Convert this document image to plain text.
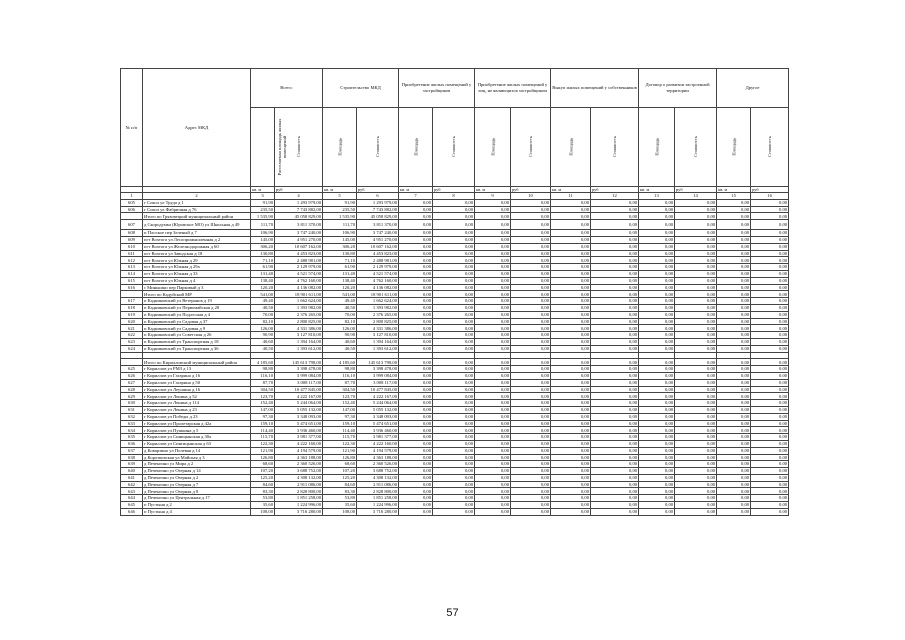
№ п/п	Адрес МКД	Всего:		Строительство МКД		Приобретение жилых помещений у застройщиков		Приобретение жилых помещений у лиц, не являющихся застройщиком		Выкуп жилых помещений у собственников		Договор о развитии застроенной территории		Другое	
		Расселяемая площадь жилых помещений	Стоимость	Площадь	Стоимость	Площадь	Стоимость	Площадь	Стоимость	Площадь	Стоимость	Площадь	Стоимость	Площадь	Стоимость
		кв. м	руб	кв. м	руб	кв. м	руб	кв. м	руб	кв. м	руб	кв. м	руб	кв. м	руб
1	2	3	4	5	6	7	8	9	10	11	12	13	14	15	16
605	г Сокол ул Труда д 1	91,90	1 293 979,00	91,90	1 293 979,00	0,00	0,00	0,00	0,00	0,00	0,00	0,00	0,00	0,00	0,00
606	г Сокол ул Фабричная д 76	235,50	7 743 882,00	235,50	7 743 882,00	0,00	0,00	0,00	0,00	0,00	0,00	0,00	0,00	0,00	0,00
	Итого по Грязовецкий муниципальный район	1 535,90	45 058 829,00	1 535,90	45 058 829,00	0,00	0,00	0,00	0,00	0,00	0,00	0,00	0,00	0,00	0,00
607	д Скородумка (Юровское МО) ул Школьная д 49	111,70	3 811 370,00	111,70	3 811 370,00	0,00	0,00	0,00	0,00	0,00	0,00	0,00	0,00	0,00	0,00
608	п Плоское пер Зеленый д 7	106,90	3 747 240,00	106,90	3 747 240,00	0,00	0,00	0,00	0,00	0,00	0,00	0,00	0,00	0,00	0,00
609	пгт Вохтога ул Лесопромышленная д 2	145,00	4 951 270,00	145,00	4 951 270,00	0,00	0,00	0,00	0,00	0,00	0,00	0,00	0,00	0,00	0,00
610	пгт Вохтога ул Железнодорожная д 60	306,20	10 607 162,00	306,20	10 607 162,00	0,00	0,00	0,00	0,00	0,00	0,00	0,00	0,00	0,00	0,00
611	пгт Вохтога ул Заводская д 18	130,80	4 453 823,00	130,80	4 453 823,00	0,00	0,00	0,00	0,00	0,00	0,00	0,00	0,00	0,00	0,00
612	пгт Вохтога ул Южная д 29	71,10	2 488 981,00	71,10	2 488 981,00	0,00	0,00	0,00	0,00	0,00	0,00	0,00	0,00	0,00	0,00
613	пгт Вохтога ул Южная д 29а	61,90	2 129 979,00	61,90	2 129 979,00	0,00	0,00	0,00	0,00	0,00	0,00	0,00	0,00	0,00	0,00
614	пгт Вохтога ул Южная д 33	131,40	4 521 574,00	131,40	4 521 574,00	0,00	0,00	0,00	0,00	0,00	0,00	0,00	0,00	0,00	0,00
615	пгт Вохтога ул Южная д 4	138,40	4 762 160,00	138,40	4 762 160,00	0,00	0,00	0,00	0,00	0,00	0,00	0,00	0,00	0,00	0,00
616	с Минькино пер Парковый д 3	120,20	4 136 082,00	120,20	4 136 082,00	0,00	0,00	0,00	0,00	0,00	0,00	0,00	0,00	0,00	0,00
	Итого по Кадуйский МР	541,00	18 901 611,00	541,00	18 901 611,00	0,00	0,00	0,00	0,00	0,00	0,00	0,00	0,00	0,00	0,00
617	п Кадниковский ул Ветеранов д 19	49,40	1 662 624,00	49,40	1 662 624,00	0,00	0,00	0,00	0,00	0,00	0,00	0,00	0,00	0,00	0,00
618	п Кадниковский ул Первомайская д 28	40,50	1 393 982,00	40,50	1 393 982,00	0,00	0,00	0,00	0,00	0,00	0,00	0,00	0,00	0,00	0,00
619	п Кадниковский ул Подлесная д 4	70,00	2 376 265,00	70,00	2 376 265,00	0,00	0,00	0,00	0,00	0,00	0,00	0,00	0,00	0,00	0,00
620	п Кадниковский ул Садовая д 37	82,10	2 800 825,00	82,10	2 800 825,00	0,00	0,00	0,00	0,00	0,00	0,00	0,00	0,00	0,00	0,00
621	п Кадниковский ул Садовая д 9	126,00	4 331 386,00	126,00	4 331 386,00	0,00	0,00	0,00	0,00	0,00	0,00	0,00	0,00	0,00	0,00
622	п Кадниковский ул Советская д 26	90,90	3 127 810,00	90,90	3 127 810,00	0,00	0,00	0,00	0,00	0,00	0,00	0,00	0,00	0,00	0,00
623	п Кадниковский ул Транспортная д 18	40,60	1 394 164,00	40,60	1 394 164,00	0,00	0,00	0,00	0,00	0,00	0,00	0,00	0,00	0,00	0,00
624	п Кадниковский ул Транспортная д 36	40,50	1 393 612,00	40,50	1 393 612,00	0,00	0,00	0,00	0,00	0,00	0,00	0,00	0,00	0,00	0,00

	Итого по Кирилловский муниципальный район	4 185,60	145 613 798,00	4 185,60	145 613 798,00	0,00	0,00	0,00	0,00	0,00	0,00	0,00	0,00	0,00	0,00
625	г Кириллов ул РМЗ д 13	98,80	3 398 478,00	98,80	3 398 478,00	0,00	0,00	0,00	0,00	0,00	0,00	0,00	0,00	0,00	0,00
626	г Кириллов ул Гагарина д 16	116,10	3 999 084,00	116,10	3 999 084,00	0,00	0,00	0,00	0,00	0,00	0,00	0,00	0,00	0,00	0,00
627	г Кириллов ул Гагарина д 50	87,70	3 008 117,00	87,70	3 008 117,00	0,00	0,00	0,00	0,00	0,00	0,00	0,00	0,00	0,00	0,00
628	г Кириллов ул Леушина д 16	304,50	10 477 845,00	304,50	10 477 845,00	0,00	0,00	0,00	0,00	0,00	0,00	0,00	0,00	0,00	0,00
629	г Кириллов ул Ленина д 52	123,70	4 222 167,00	123,70	4 222 167,00	0,00	0,00	0,00	0,00	0,00	0,00	0,00	0,00	0,00	0,00
630	г Кириллов ул Ленина д 114	152,40	5 244 064,00	152,40	5 244 064,00	0,00	0,00	0,00	0,00	0,00	0,00	0,00	0,00	0,00	0,00
631	г Кириллов ул Ленина д 23	147,00	5 055 132,00	147,00	5 055 132,00	0,00	0,00	0,00	0,00	0,00	0,00	0,00	0,00	0,00	0,00
632	г Кириллов ул Победы д 23	97,30	3 348 093,00	97,30	3 348 093,00	0,00	0,00	0,00	0,00	0,00	0,00	0,00	0,00	0,00	0,00
633	г Кириллов ул Пролетарская д 42а	159,10	5 474 651,00	159,10	5 474 651,00	0,00	0,00	0,00	0,00	0,00	0,00	0,00	0,00	0,00	0,00
634	г Кириллов ул Пушкина д 5	114,40	3 936 460,00	114,40	3 936 460,00	0,00	0,00	0,00	0,00	0,00	0,00	0,00	0,00	0,00	0,00
635	г Кириллов ул Синицынская д 30а	115,70	3 981 377,00	115,70	3 981 377,00	0,00	0,00	0,00	0,00	0,00	0,00	0,00	0,00	0,00	0,00
636	г Кириллов ул Сингицынская д 63	122,30	4 222 160,00	122,30	4 222 160,00	0,00	0,00	0,00	0,00	0,00	0,00	0,00	0,00	0,00	0,00
637	д Коварзино ул Полевая д 14	121,90	4 194 579,00	121,90	4 194 579,00	0,00	0,00	0,00	0,00	0,00	0,00	0,00	0,00	0,00	0,00
638	д Коротковская ул Майская д 3	126,80	4 363 188,00	126,80	4 363 188,00	0,00	0,00	0,00	0,00	0,00	0,00	0,00	0,00	0,00	0,00
639	д Печенгино ул Мира д 2	68,60	2 360 526,00	68,60	2 360 526,00	0,00	0,00	0,00	0,00	0,00	0,00	0,00	0,00	0,00	0,00
640	д Печенгино ул Озерная д 14	107,20	3 688 752,00	107,20	3 688 752,00	0,00	0,00	0,00	0,00	0,00	0,00	0,00	0,00	0,00	0,00
641	д Печенгино ул Озерная д 2	125,20	4 308 132,00	125,20	4 308 132,00	0,00	0,00	0,00	0,00	0,00	0,00	0,00	0,00	0,00	0,00
642	д Печенгино ул Озерная д 7	84,60	2 911 086,00	84,60	2 911 086,00	0,00	0,00	0,00	0,00	0,00	0,00	0,00	0,00	0,00	0,00
643	д Печенгино ул Озерная д 8	83,30	2 828 800,00	83,30	2 828 800,00	0,00	0,00	0,00	0,00	0,00	0,00	0,00	0,00	0,00	0,00
644	д Печенгино ул Центральная д 17	53,80	1 851 258,00	53,80	1 851 258,00	0,00	0,00	0,00	0,00	0,00	0,00	0,00	0,00	0,00	0,00
645	п Пустыня д 2	35,60	1 224 996,00	35,60	1 224 996,00	0,00	0,00	0,00	0,00	0,00	0,00	0,00	0,00	0,00	0,00
646	п Пустыня д 4	108,00	3 716 280,00	108,00	3 716 280,00	0,00	0,00	0,00	0,00	0,00	0,00	0,00	0,00	0,00	0,00
57
